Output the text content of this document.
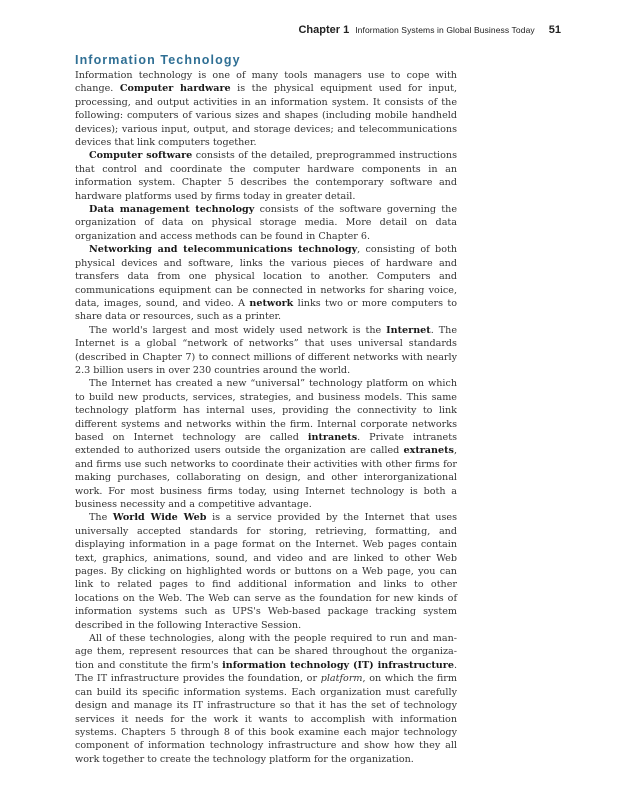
Chapter 1 Information Systems in Global Business Today 51
Information Technology

Information technology is one of many tools managers use to cope with change. Computer hardware is the physical equipment used for input, processing, and output activities in an information system. It consists of the following: computers of various sizes and shapes (including mobile handheld devices); various input, output, and storage devices; and telecommunications devices that link computers together.

Computer software consists of the detailed, preprogrammed instructions that control and coordinate the computer hardware components in an information system. Chapter 5 describes the contemporary software and hardware platforms used by firms today in greater detail.

Data management technology consists of the software governing the organization of data on physical storage media. More detail on data organization and access methods can be found in Chapter 6.

Networking and telecommunications technology, consisting of both physical devices and software, links the various pieces of hardware and transfers data from one physical location to another. Computers and communications equipment can be connected in networks for sharing voice, data, images, sound, and video. A network links two or more computers to share data or resources, such as a printer.

The world's largest and most widely used network is the Internet. The Internet is a global “network of networks” that uses universal standards (described in Chapter 7) to connect millions of different networks with nearly 2.3 billion users in over 230 countries around the world.

The Internet has created a new “universal” technology platform on which to build new products, services, strategies, and business models. This same technology platform has internal uses, providing the connectivity to link different systems and networks within the firm. Internal corporate networks based on Internet technology are called intranets. Private intranets extended to authorized users outside the organization are called extranets, and firms use such networks to coordinate their activities with other firms for making purchases, collaborating on design, and other interorganizational work. For most business firms today, using Internet technology is both a business necessity and a competitive advantage.

The World Wide Web is a service provided by the Internet that uses universally accepted standards for storing, retrieving, formatting, and displaying information in a page format on the Internet. Web pages contain text, graphics, animations, sound, and video and are linked to other Web pages. By clicking on highlighted words or buttons on a Web page, you can link to related pages to find additional information and links to other locations on the Web. The Web can serve as the foundation for new kinds of information systems such as UPS's Web-based package tracking system described in the following Interactive Session.

All of these technologies, along with the people required to run and manage them, represent resources that can be shared throughout the organization and constitute the firm's information technology (IT) infrastructure. The IT infrastructure provides the foundation, or platform, on which the firm can build its specific information systems. Each organization must carefully design and manage its IT infrastructure so that it has the set of technology services it needs for the work it wants to accomplish with information systems. Chapters 5 through 8 of this book examine each major technology component of information technology infrastructure and show how they all work together to create the technology platform for the organization.
